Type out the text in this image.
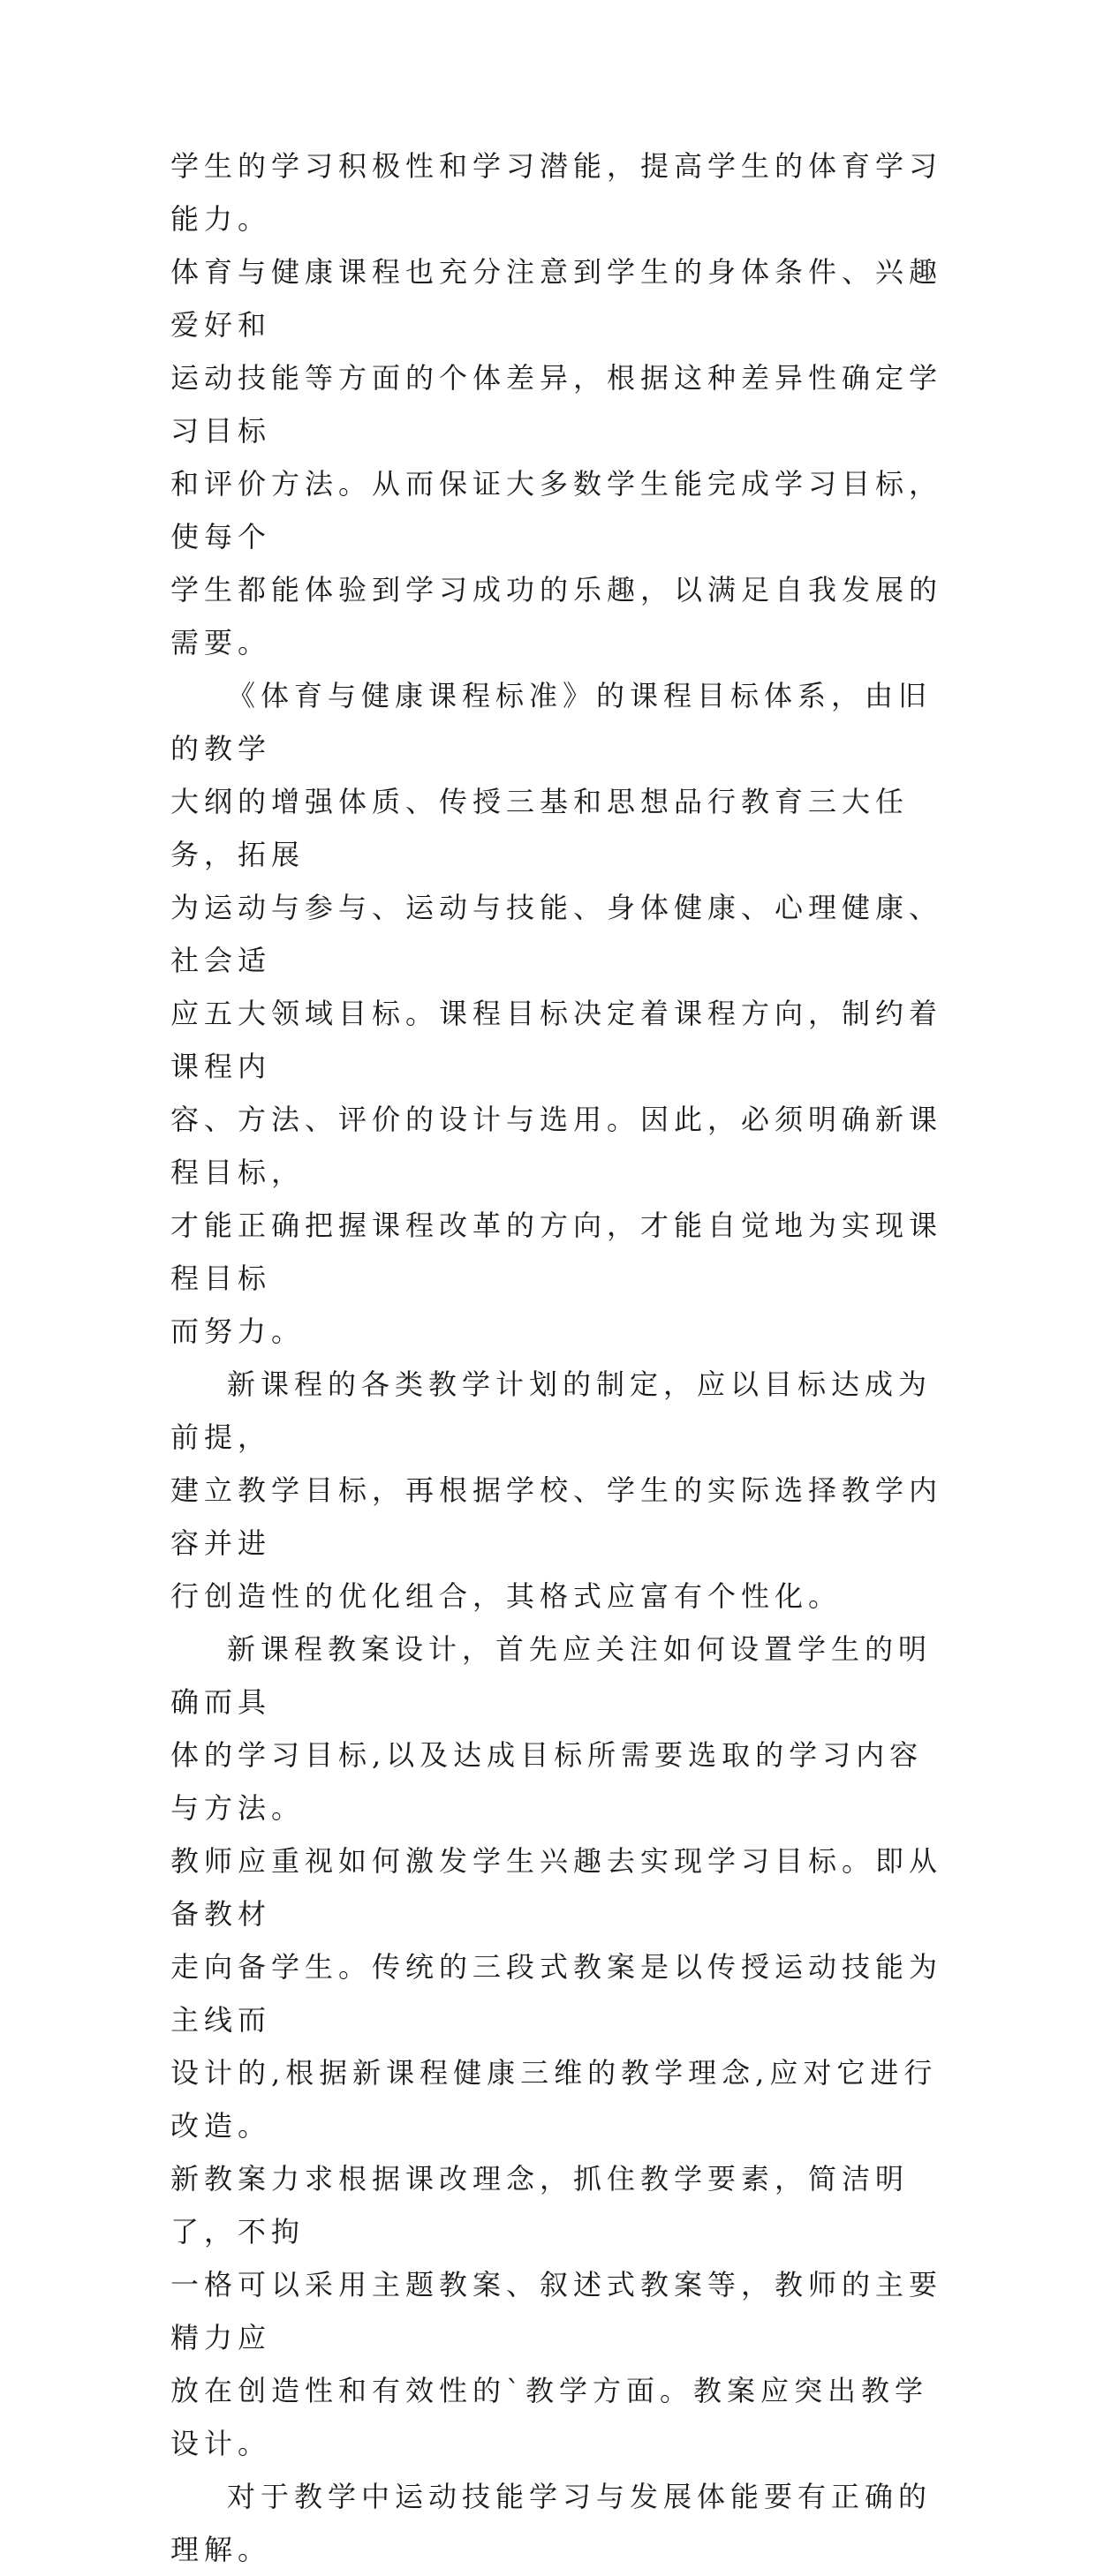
学生的学习积极性和学习潜能，提高学生的体育学习能力。
体育与健康课程也充分注意到学生的身体条件、兴趣爱好和
运动技能等方面的个体差异，根据这种差异性确定学习目标
和评价方法。从而保证大多数学生能完成学习目标，使每个
学生都能体验到学习成功的乐趣，以满足自我发展的需要。

《体育与健康课程标准》的课程目标体系，由旧的教学
大纲的增强体质、传授三基和思想品行教育三大任务，拓展
为运动与参与、运动与技能、身体健康、心理健康、社会适
应五大领域目标。课程目标决定着课程方向，制约着课程内
容、方法、评价的设计与选用。因此，必须明确新课程目标，
才能正确把握课程改革的方向，才能自觉地为实现课程目标
而努力。

新课程的各类教学计划的制定，应以目标达成为前提，
建立教学目标，再根据学校、学生的实际选择教学内容并进
行创造性的优化组合，其格式应富有个性化。

新课程教案设计，首先应关注如何设置学生的明确而具
体的学习目标,以及达成目标所需要选取的学习内容与方法。
教师应重视如何激发学生兴趣去实现学习目标。即从备教材
走向备学生。传统的三段式教案是以传授运动技能为主线而
设计的,根据新课程健康三维的教学理念,应对它进行改造。
新教案力求根据课改理念，抓住教学要素，简洁明了，不拘
一格可以采用主题教案、叙述式教案等，教师的主要精力应
放在创造性和有效性的`教学方面。教案应突出教学设计。

对于教学中运动技能学习与发展体能要有正确的理解。
